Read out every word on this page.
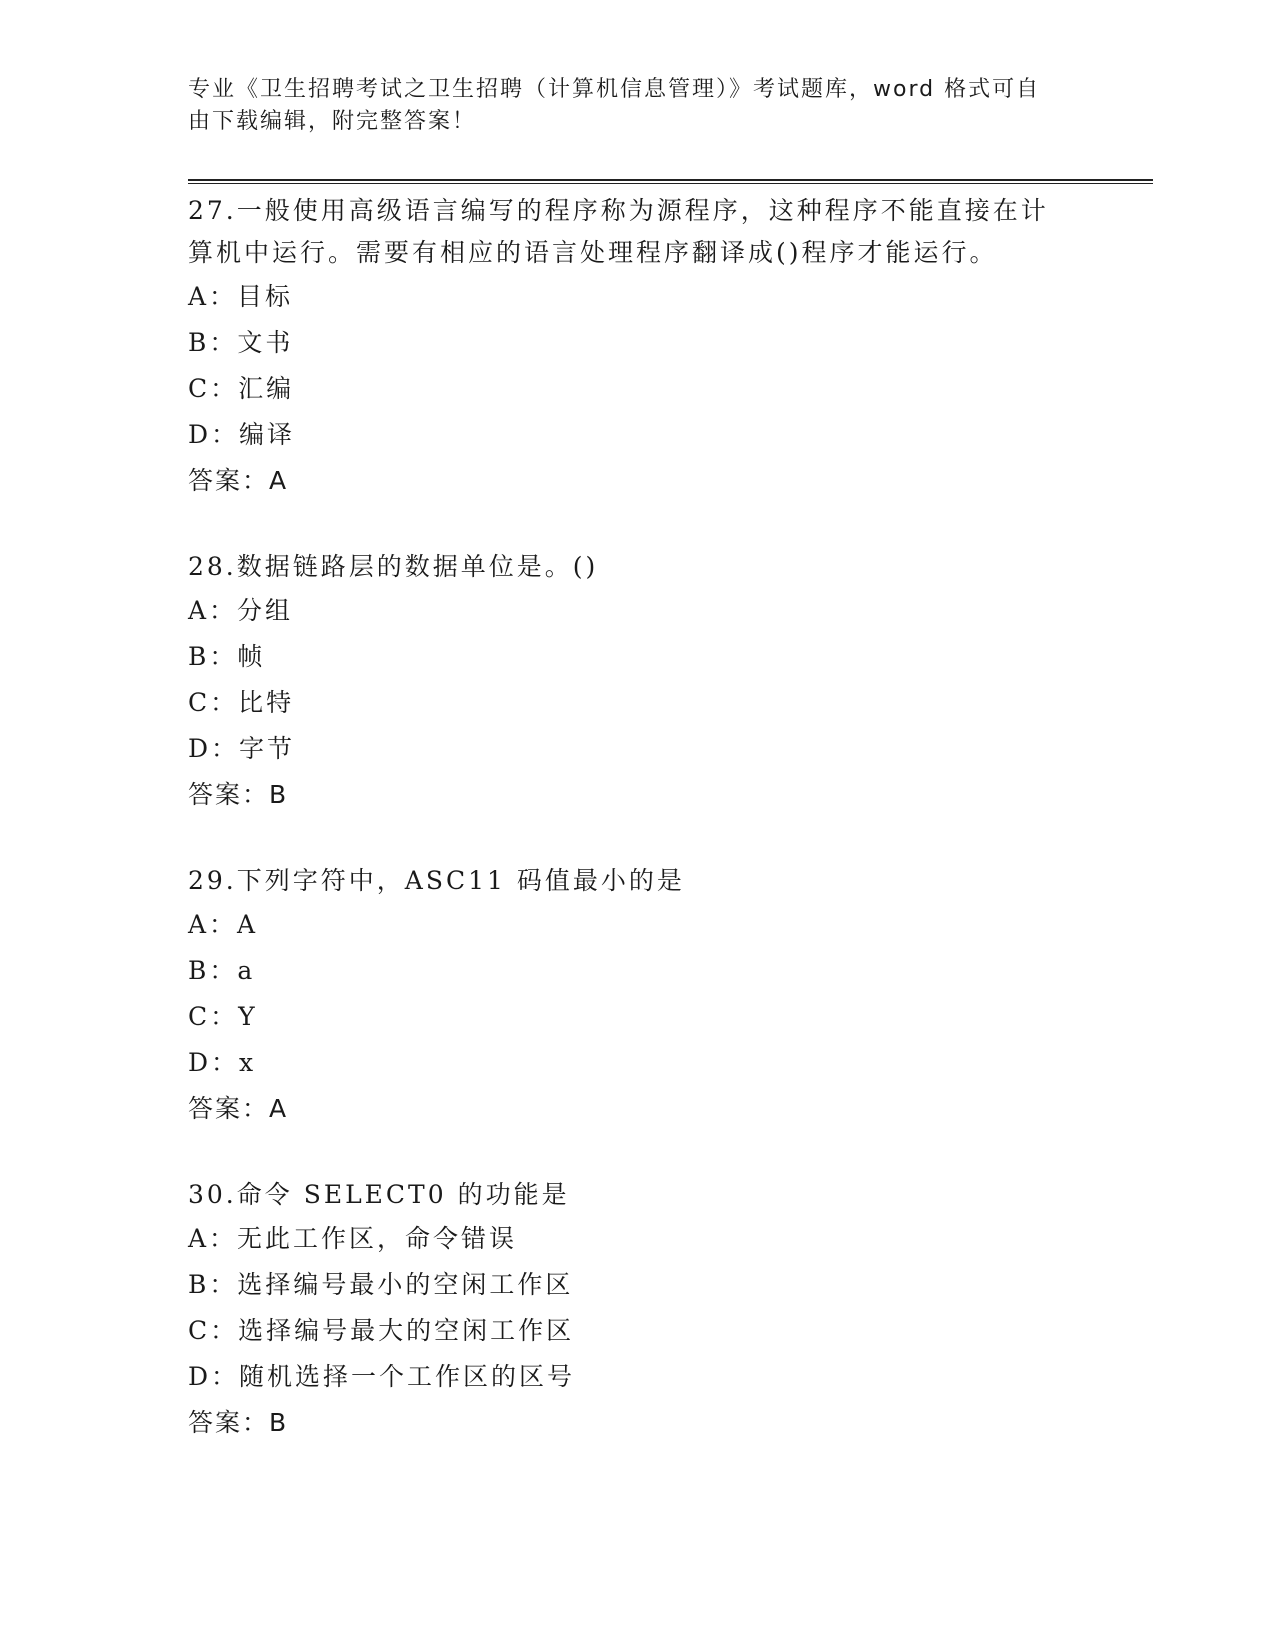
专业《卫生招聘考试之卫生招聘（计算机信息管理）》考试题库，word 格式可自
由下载编辑，附完整答案！

27.一般使用高级语言编写的程序称为源程序，这种程序不能直接在计

算机中运行。需要有相应的语言处理程序翻译成()程序才能运行。

A：目标

B：文书

C：汇编

D：编译

答案：A

28.数据链路层的数据单位是。()

A：分组

B：帧

C：比特

D：字节

答案：B

29.下列字符中，ASC11 码值最小的是

A：A

B：a

C：Y

D：x

答案：A

30.命令 SELECT0 的功能是

A：无此工作区，命令错误

B：选择编号最小的空闲工作区

C：选择编号最大的空闲工作区

D：随机选择一个工作区的区号

答案：B
